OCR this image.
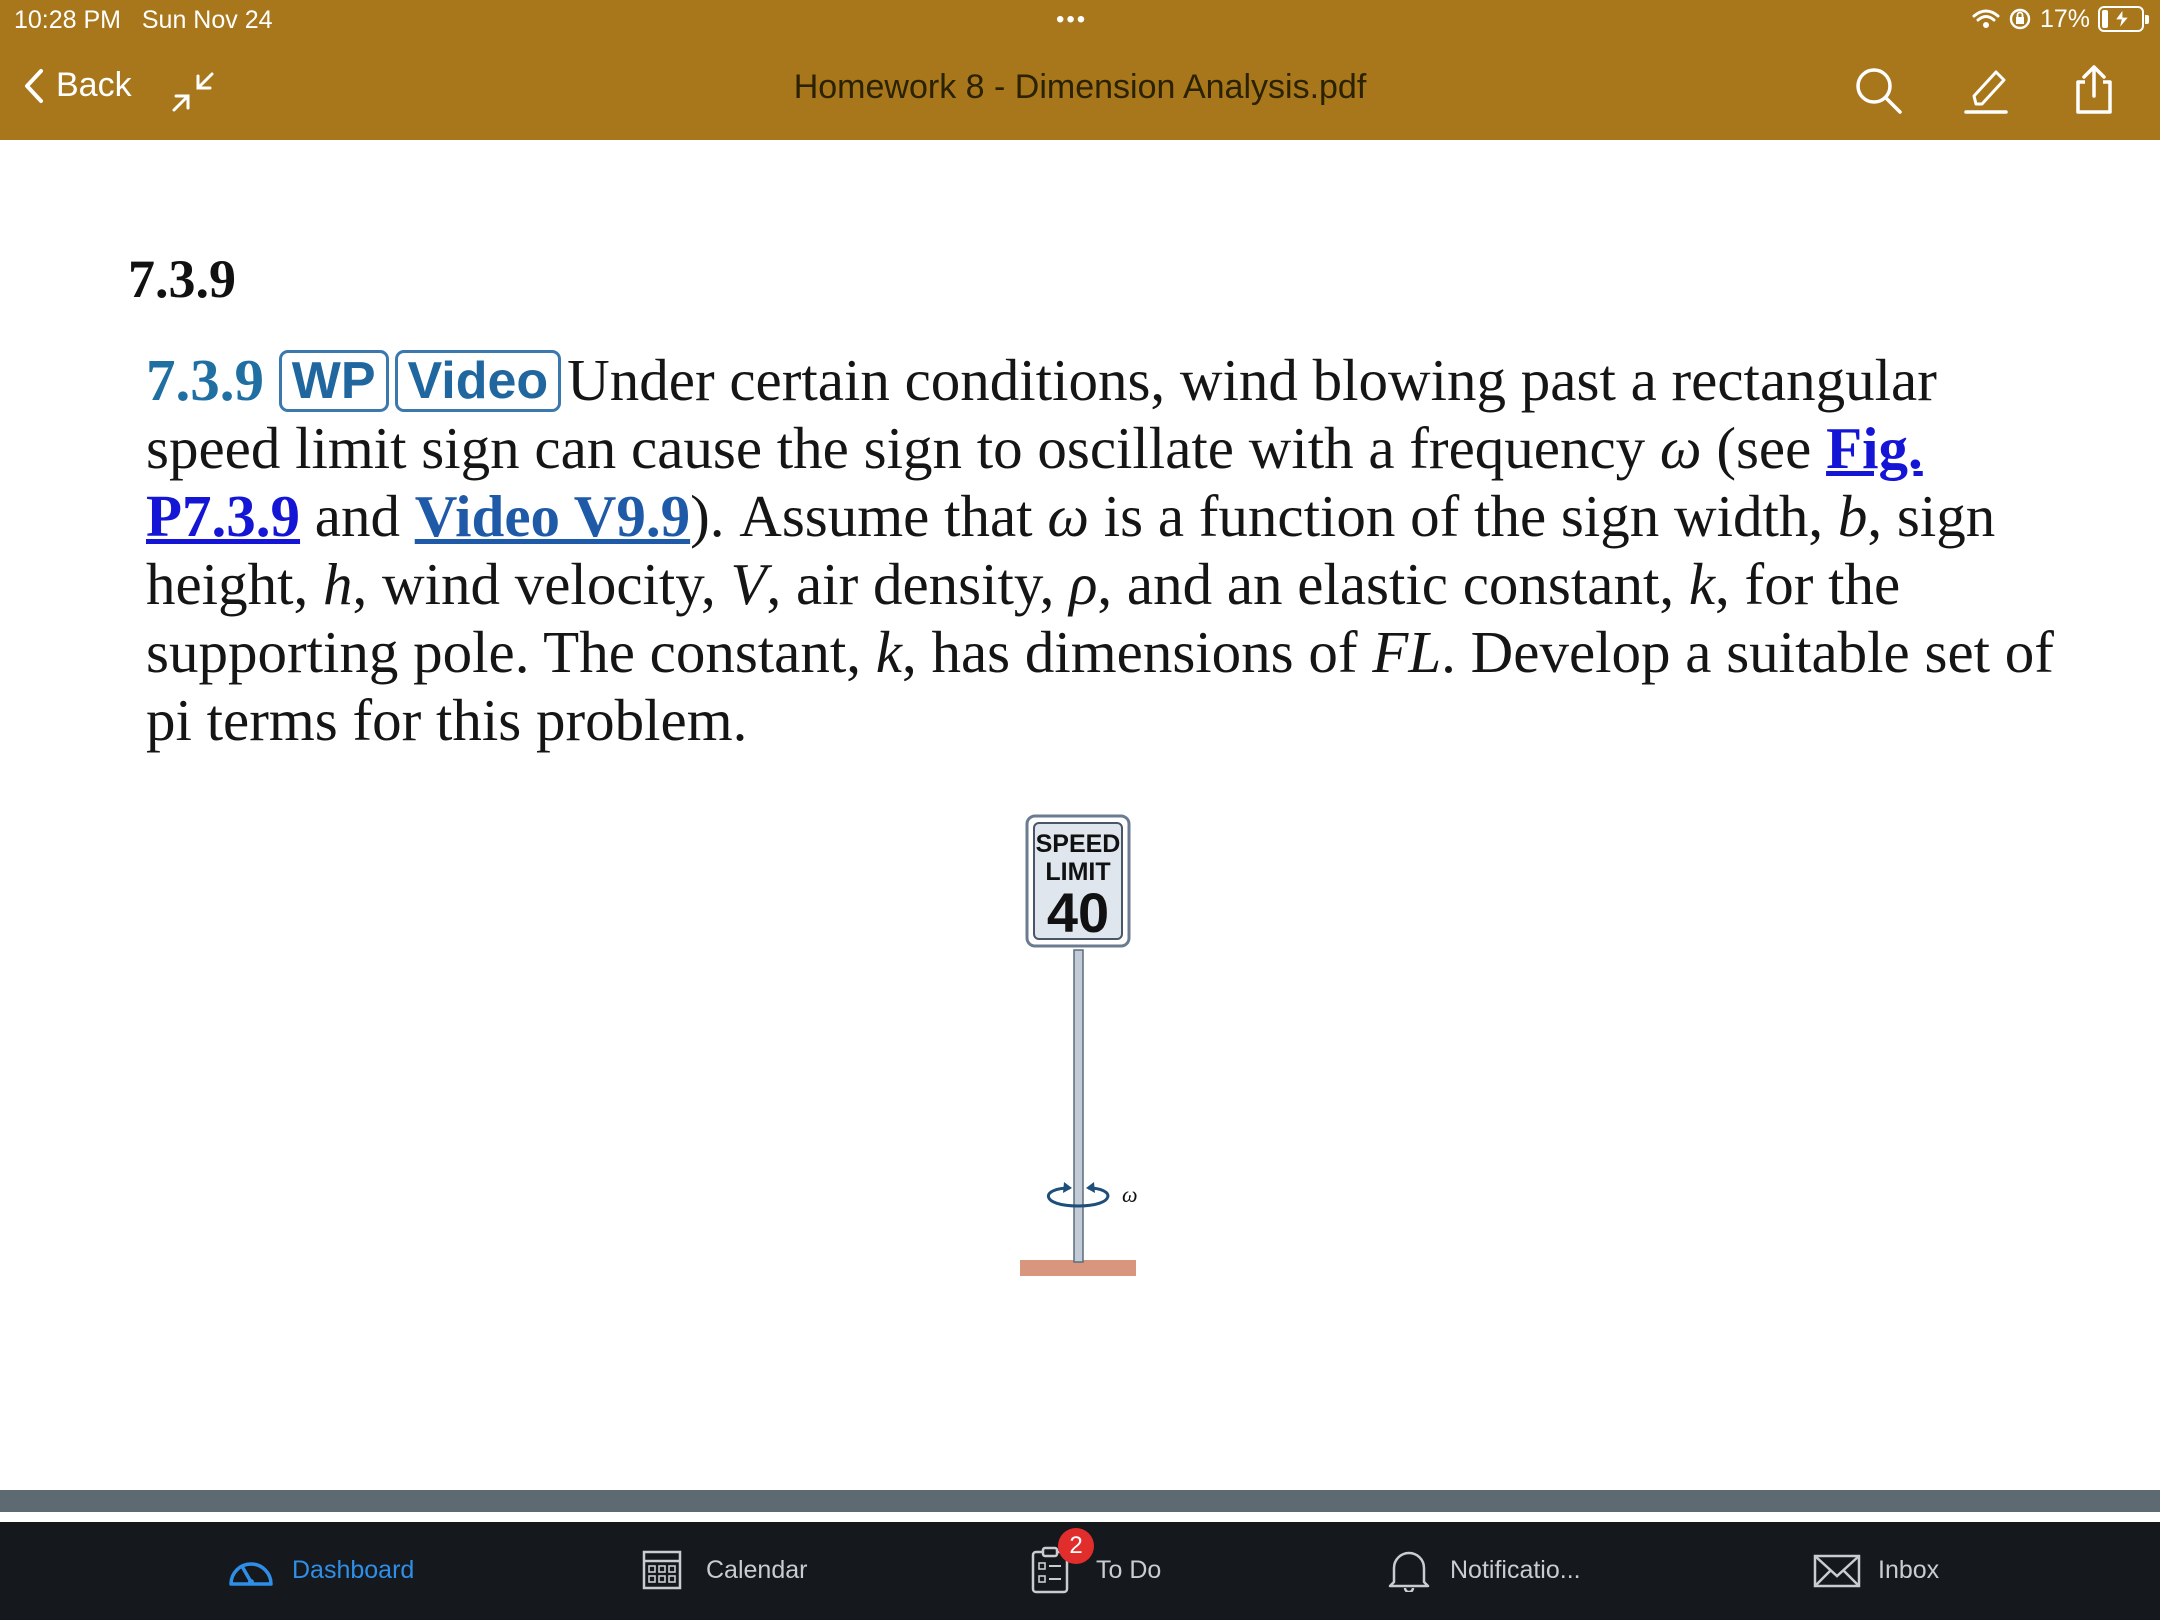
10:28 PM Sun Nov 24	•••	17%
Back	Homework 8 - Dimension Analysis.pdf
7.3.9
7.3.9 WP Video Under certain conditions, wind blowing past a rectangular speed limit sign can cause the sign to oscillate with a frequency ω (see Fig. P7.3.9 and Video V9.9). Assume that ω is a function of the sign width, b, sign height, h, wind velocity, V, air density, ρ, and an elastic constant, k, for the supporting pole. The constant, k, has dimensions of FL. Develop a suitable set of pi terms for this problem.
SPEED
LIMIT
40
ω
Dashboard	Calendar
2
To Do	Notificatio...	Inbox
